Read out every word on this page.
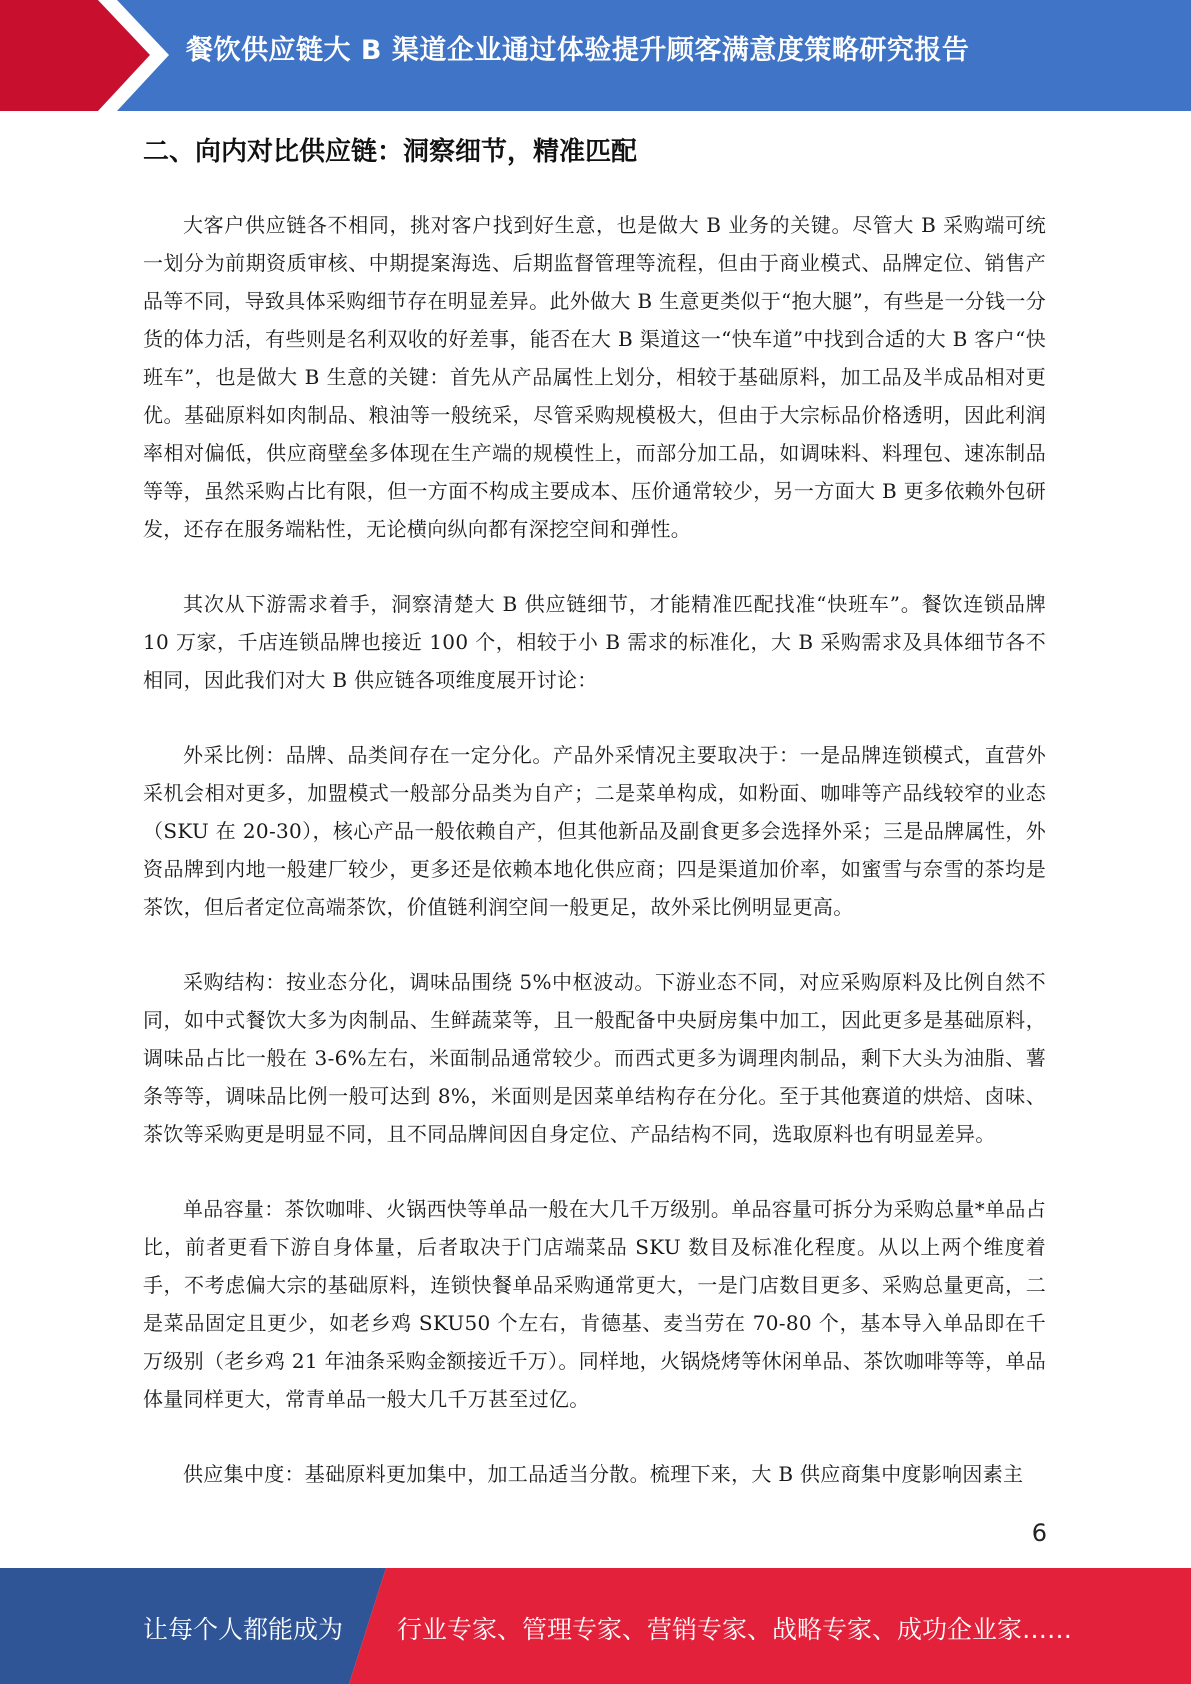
餐饮供应链大 B 渠道企业通过体验提升顾客满意度策略研究报告
二、向内对比供应链：洞察细节，精准匹配

大客户供应链各不相同，挑对客户找到好生意，也是做大 B 业务的关键。尽管大 B 采购端可统一划分为前期资质审核、中期提案海选、后期监督管理等流程，但由于商业模式、品牌定位、销售产品等不同，导致具体采购细节存在明显差异。此外做大 B 生意更类似于“抱大腿”，有些是一分钱一分货的体力活，有些则是名利双收的好差事，能否在大 B 渠道这一“快车道”中找到合适的大 B 客户“快班车”，也是做大 B 生意的关键：首先从产品属性上划分，相较于基础原料，加工品及半成品相对更优。基础原料如肉制品、粮油等一般统采，尽管采购规模极大，但由于大宗标品价格透明，因此利润率相对偏低，供应商壁垒多体现在生产端的规模性上，而部分加工品，如调味料、料理包、速冻制品等等，虽然采购占比有限，但一方面不构成主要成本、压价通常较少，另一方面大 B 更多依赖外包研发，还存在服务端粘性，无论横向纵向都有深挖空间和弹性。

其次从下游需求着手，洞察清楚大 B 供应链细节，才能精准匹配找准“快班车”。餐饮连锁品牌 10 万家，千店连锁品牌也接近 100 个，相较于小 B 需求的标准化，大 B 采购需求及具体细节各不相同，因此我们对大 B 供应链各项维度展开讨论：

外采比例：品牌、品类间存在一定分化。产品外采情况主要取决于：一是品牌连锁模式，直营外采机会相对更多，加盟模式一般部分品类为自产；二是菜单构成，如粉面、咖啡等产品线较窄的业态（SKU 在 20-30），核心产品一般依赖自产，但其他新品及副食更多会选择外采；三是品牌属性，外资品牌到内地一般建厂较少，更多还是依赖本地化供应商；四是渠道加价率，如蜜雪与奈雪的茶均是茶饮，但后者定位高端茶饮，价值链利润空间一般更足，故外采比例明显更高。

采购结构：按业态分化，调味品围绕 5%中枢波动。下游业态不同，对应采购原料及比例自然不同，如中式餐饮大多为肉制品、生鲜蔬菜等，且一般配备中央厨房集中加工，因此更多是基础原料，调味品占比一般在 3-6%左右，米面制品通常较少。而西式更多为调理肉制品，剩下大头为油脂、薯条等等，调味品比例一般可达到 8%，米面则是因菜单结构存在分化。至于其他赛道的烘焙、卤味、茶饮等采购更是明显不同，且不同品牌间因自身定位、产品结构不同，选取原料也有明显差异。

单品容量：茶饮咖啡、火锅西快等单品一般在大几千万级别。单品容量可拆分为采购总量*单品占比，前者更看下游自身体量，后者取决于门店端菜品 SKU 数目及标准化程度。从以上两个维度着手，不考虑偏大宗的基础原料，连锁快餐单品采购通常更大，一是门店数目更多、采购总量更高，二是菜品固定且更少，如老乡鸡 SKU50 个左右，肯德基、麦当劳在 70-80 个，基本导入单品即在千万级别（老乡鸡 21 年油条采购金额接近千万）。同样地，火锅烧烤等休闲单品、茶饮咖啡等等，单品体量同样更大，常青单品一般大几千万甚至过亿。

供应集中度：基础原料更加集中，加工品适当分散。梳理下来，大 B 供应商集中度影响因素主

6
让每个人都能成为 行业专家、管理专家、营销专家、战略专家、成功企业家……
